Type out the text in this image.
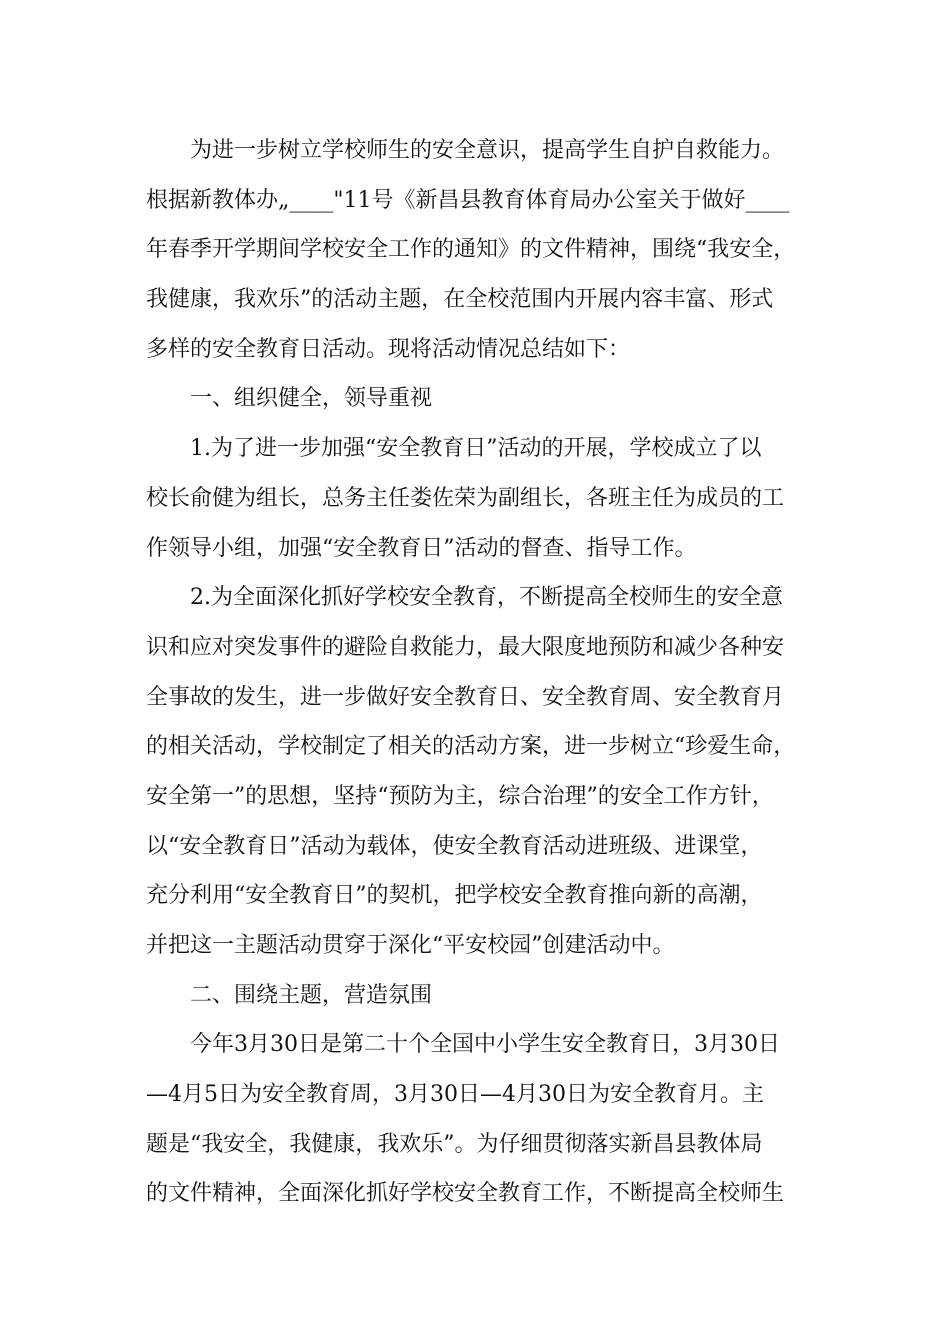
为进一步树立学校师生的安全意识，提高学生自护自救能力。
根据新教体办„____"11号《新昌县教育体育局办公室关于做好____
年春季开学期间学校安全工作的通知》的文件精神，围绕“我安全，
我健康，我欢乐”的活动主题，在全校范围内开展内容丰富、形式
多样的安全教育日活动。现将活动情况总结如下：
一、组织健全，领导重视
1.为了进一步加强“安全教育日”活动的开展，学校成立了以
校长俞健为组长，总务主任娄佐荣为副组长，各班主任为成员的工
作领导小组，加强“安全教育日”活动的督查、指导工作。
2.为全面深化抓好学校安全教育，不断提高全校师生的安全意
识和应对突发事件的避险自救能力，最大限度地预防和减少各种安
全事故的发生，进一步做好安全教育日、安全教育周、安全教育月
的相关活动，学校制定了相关的活动方案，进一步树立“珍爱生命，
安全第一”的思想，坚持“预防为主，综合治理”的安全工作方针，
以“安全教育日”活动为载体，使安全教育活动进班级、进课堂，
充分利用“安全教育日”的契机，把学校安全教育推向新的高潮，
并把这一主题活动贯穿于深化“平安校园”创建活动中。
二、围绕主题，营造氛围
今年3月30日是第二十个全国中小学生安全教育日，3月30日
—4月5日为安全教育周，3月30日—4月30日为安全教育月。主
题是“我安全，我健康，我欢乐”。为仔细贯彻落实新昌县教体局
的文件精神，全面深化抓好学校安全教育工作，不断提高全校师生
